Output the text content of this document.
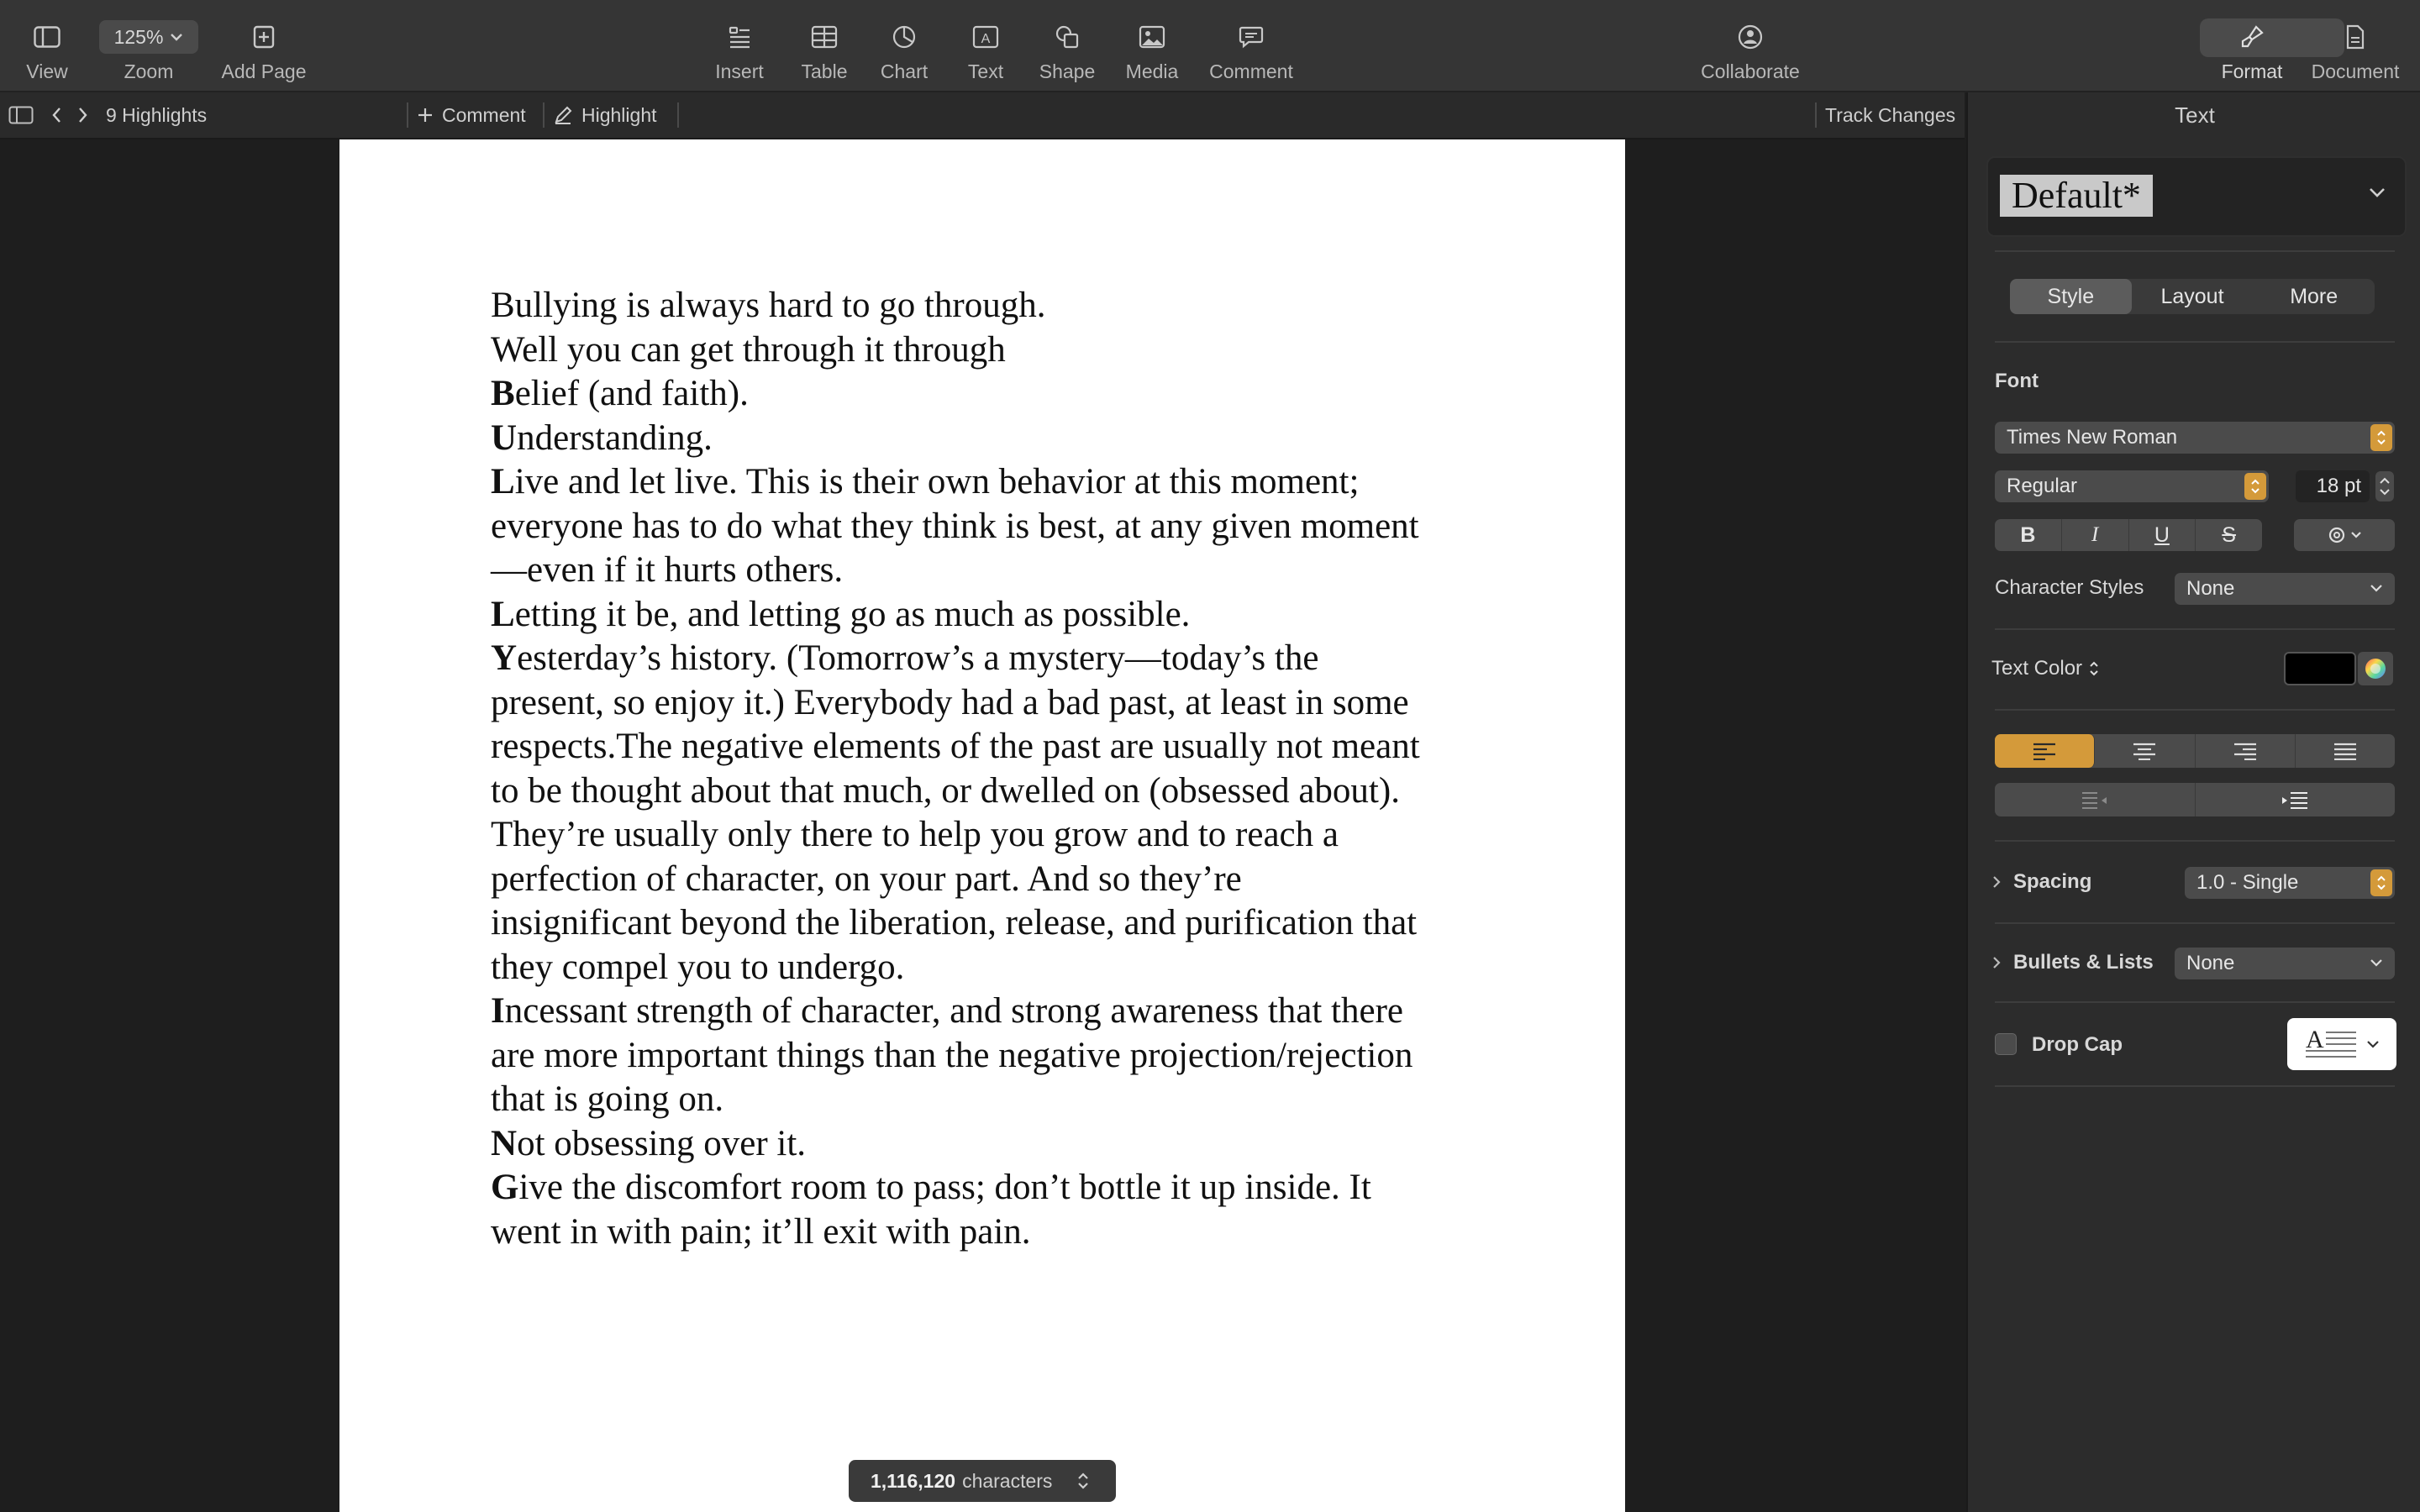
View
125%
Zoom Add Page	Insert Table Chart
A
Text Shape Media Comment	Collaborate	Format Document
9 Highlights	Comment	Highlight	Track Changes
Bullying is always hard to go through.
Well you can get through it through
Belief (and faith).
Understanding.
Live and let live. This is their own behavior at this moment;
everyone has to do what they think is best, at any given moment
—even if it hurts others.
Letting it be, and letting go as much as possible.
Yesterday’s history. (Tomorrow’s a mystery—today’s the
present, so enjoy it.) Everybody had a bad past, at least in some
respects.The negative elements of the past are usually not meant
to be thought about that much, or dwelled on (obsessed about).
They’re usually only there to help you grow and to reach a
perfection of character, on your part. And so they’re
insignificant beyond the liberation, release, and purification that
they compel you to undergo.
Incessant strength of character, and strong awareness that there
are more important things than the negative projection/rejection
that is going on.
Not obsessing over it.
Give the discomfort room to pass; don’t bottle it up inside. It
went in with pain; it’ll exit with pain.
1,116,120 characters
Text
Default*
Style	Layout	More
Font
Times New Roman
Regular	18 pt
B	I	U	S
Character Styles None
Text Color
Spacing	1.0 - Single
Bullets & Lists None
Drop Cap	A
